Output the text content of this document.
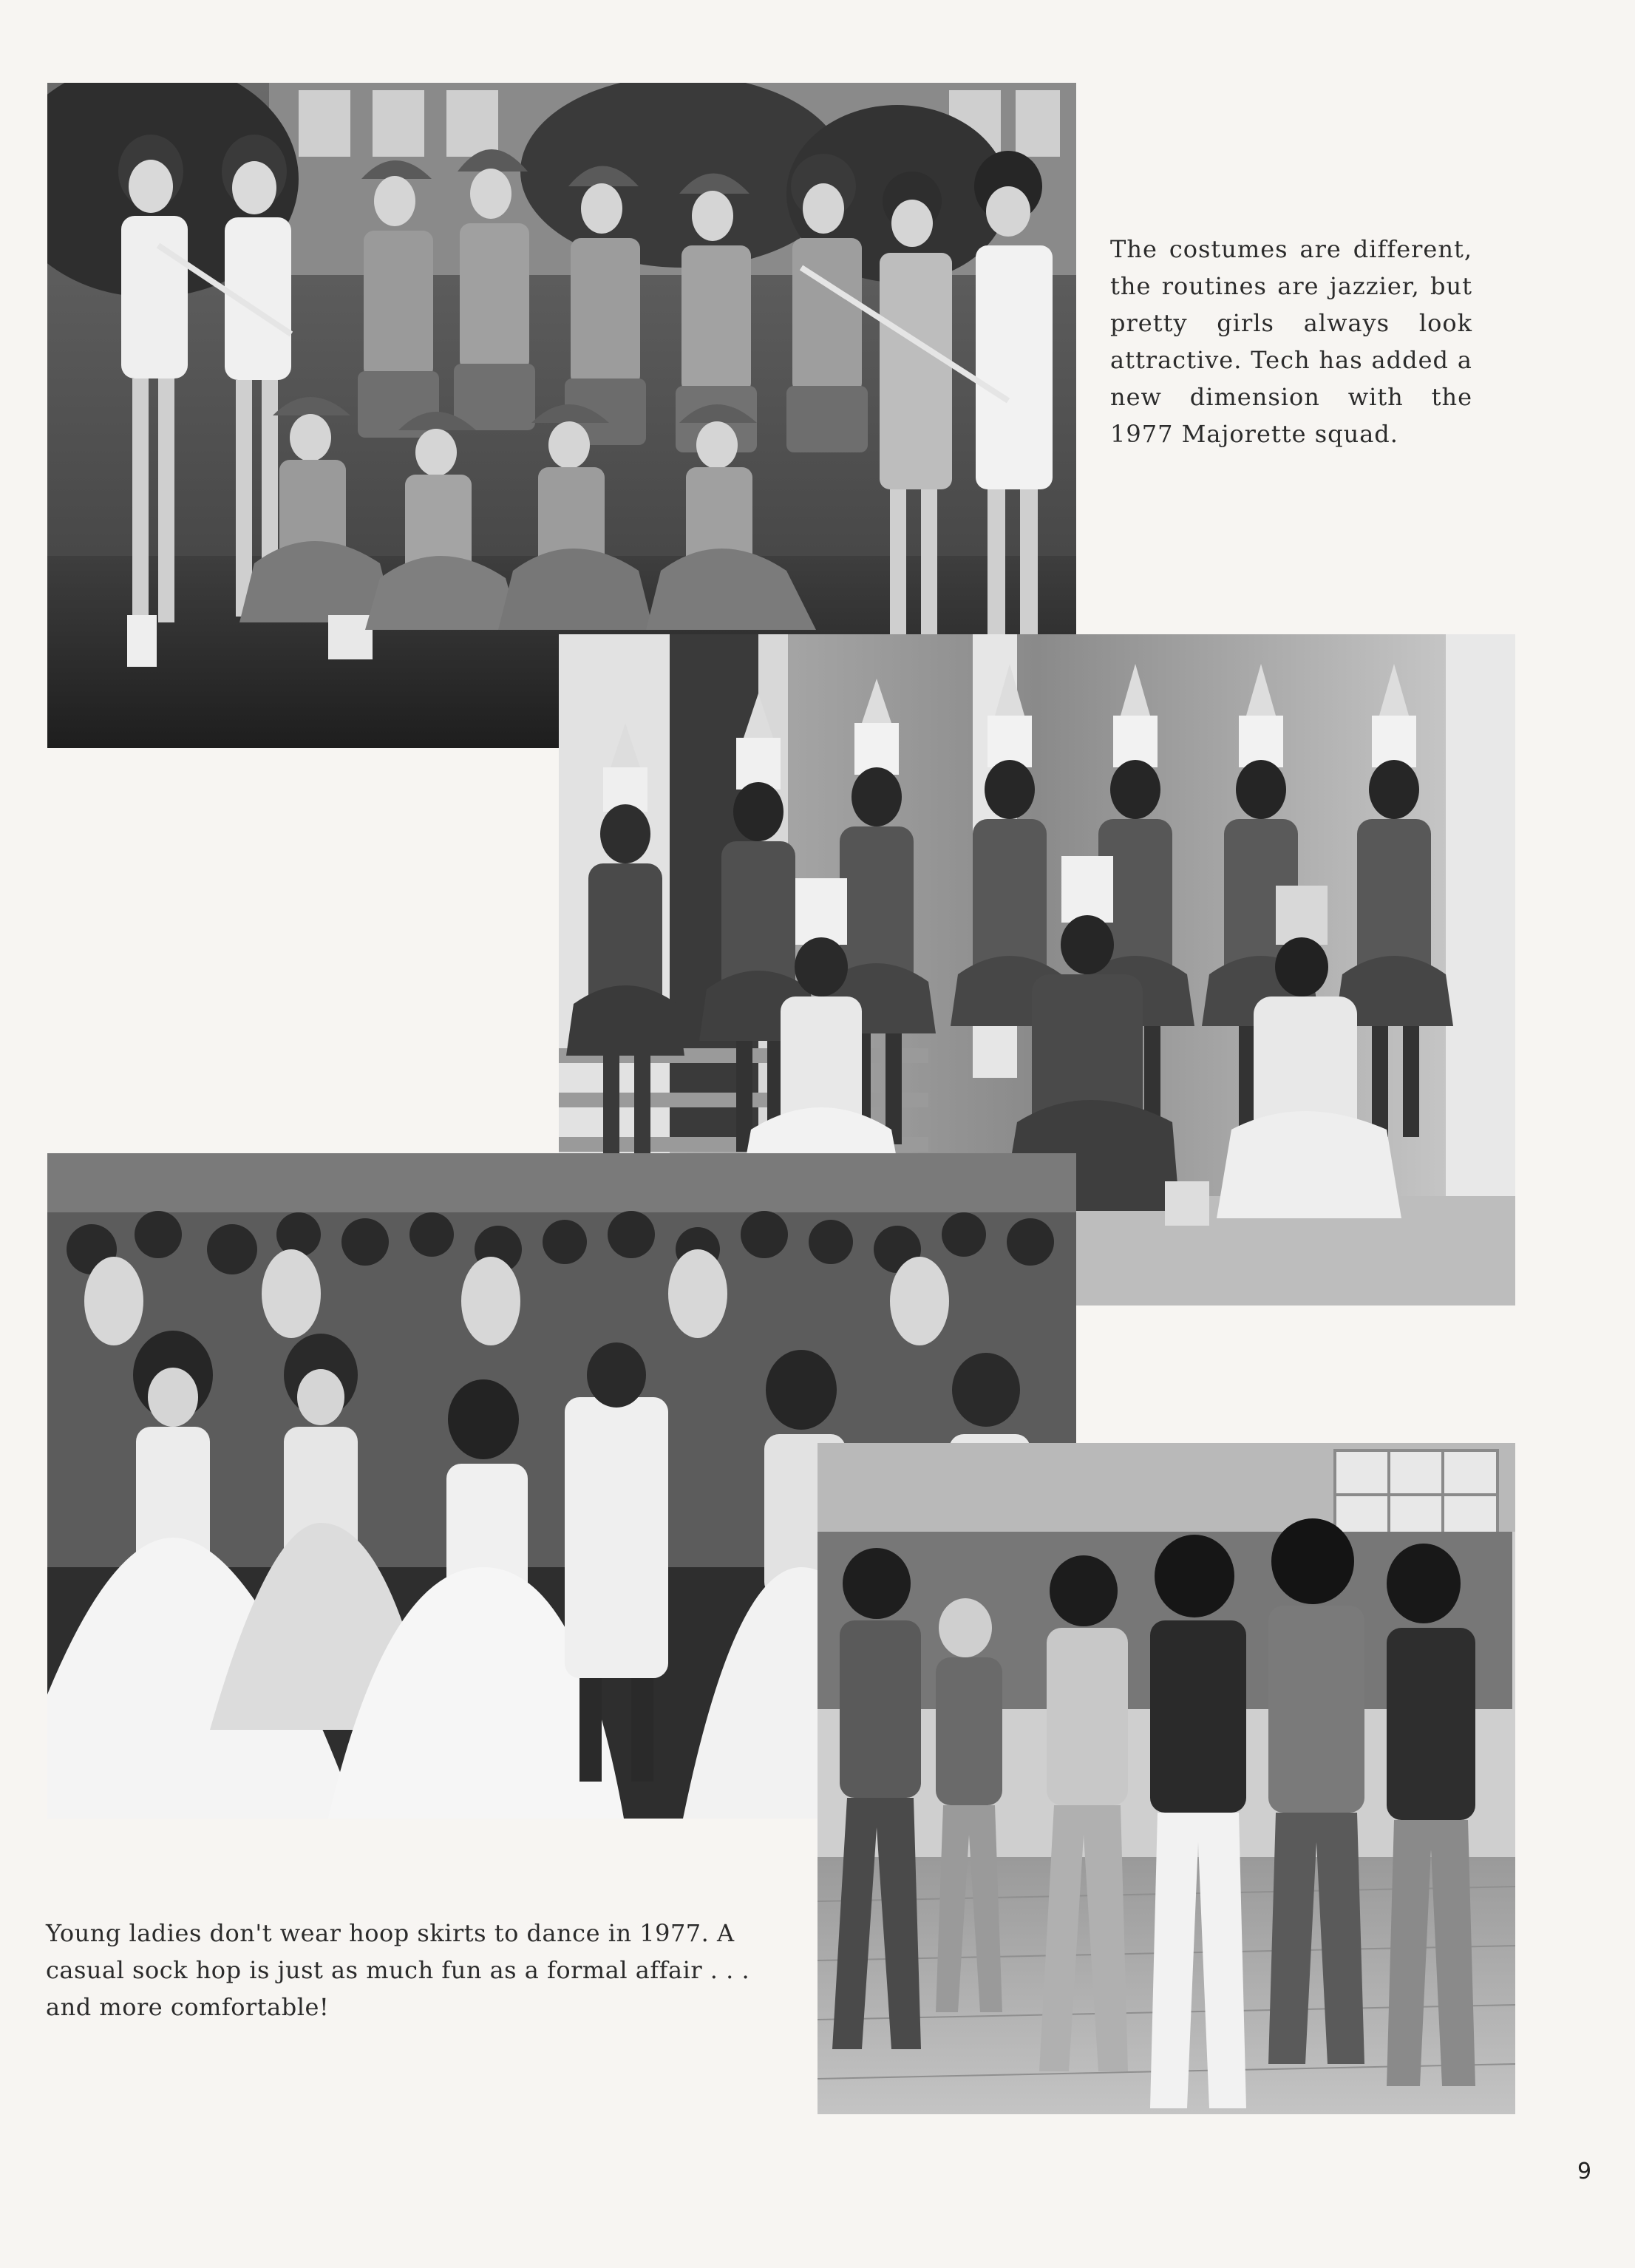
The costumes are different, the routines are jazzier, but pretty girls always look attractive. Tech has added a new dimension with the 1977 Majorette squad.

Young ladies don't wear hoop skirts to dance in 1977. A casual sock hop is just as much fun as a formal affair . . . and more comfortable!

9
